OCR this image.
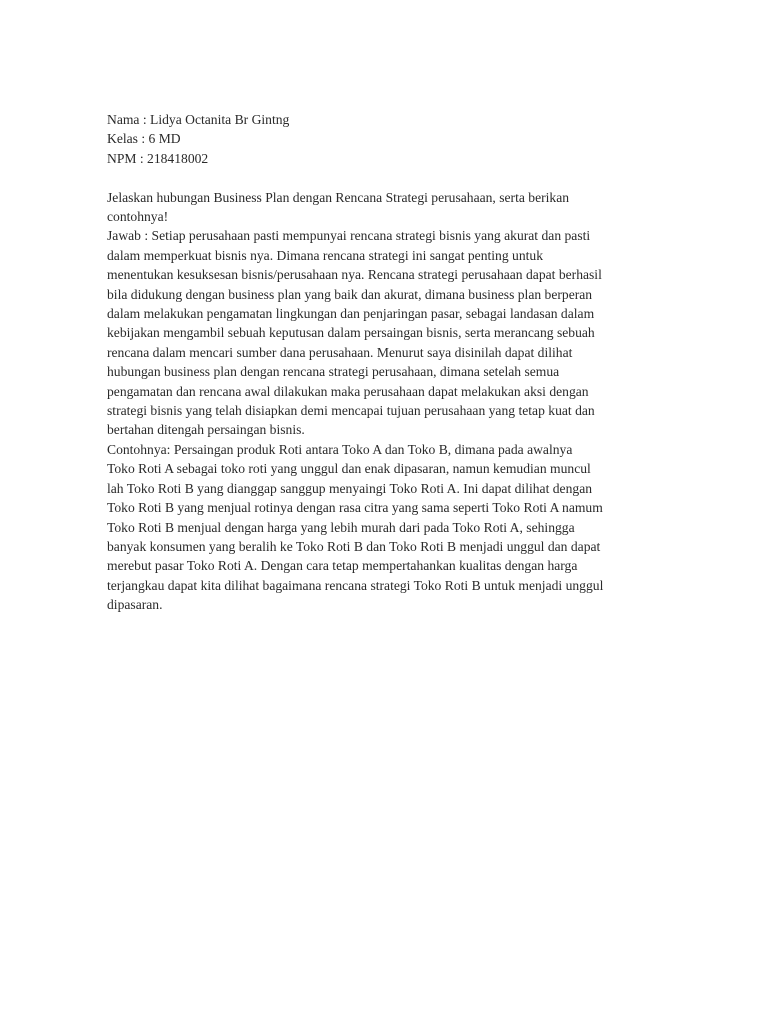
Nama : Lidya Octanita Br Gintng
Kelas : 6 MD
NPM : 218418002
Jelaskan hubungan Business Plan dengan Rencana Strategi perusahaan, serta berikan
contohnya!
Jawab : Setiap perusahaan pasti mempunyai rencana strategi bisnis yang akurat dan pasti
dalam memperkuat bisnis nya. Dimana rencana strategi ini sangat penting untuk
menentukan kesuksesan bisnis/perusahaan nya. Rencana strategi perusahaan dapat berhasil
bila didukung dengan business plan yang baik dan akurat, dimana business plan berperan
dalam melakukan pengamatan lingkungan dan penjaringan pasar, sebagai landasan dalam
kebijakan mengambil sebuah keputusan dalam persaingan bisnis, serta merancang sebuah
rencana dalam mencari sumber dana perusahaan. Menurut saya disinilah dapat dilihat
hubungan business plan dengan rencana strategi perusahaan, dimana setelah semua
pengamatan dan rencana awal dilakukan maka perusahaan dapat melakukan aksi dengan
strategi bisnis yang telah disiapkan demi mencapai tujuan perusahaan yang tetap kuat dan
bertahan ditengah persaingan bisnis.
Contohnya: Persaingan produk Roti antara Toko A dan Toko B, dimana pada awalnya
Toko Roti A sebagai toko roti yang unggul dan enak dipasaran, namun kemudian muncul
lah Toko Roti B yang dianggap sanggup menyaingi Toko Roti A. Ini dapat dilihat dengan
Toko Roti B yang menjual rotinya dengan rasa citra yang sama seperti Toko Roti A namum
Toko Roti B menjual dengan harga yang lebih murah dari pada Toko Roti A, sehingga
banyak konsumen yang beralih ke Toko Roti B dan Toko Roti B menjadi unggul dan dapat
merebut pasar Toko Roti A. Dengan cara tetap mempertahankan kualitas dengan harga
terjangkau dapat kita dilihat bagaimana rencana strategi Toko Roti B untuk menjadi unggul
dipasaran.
